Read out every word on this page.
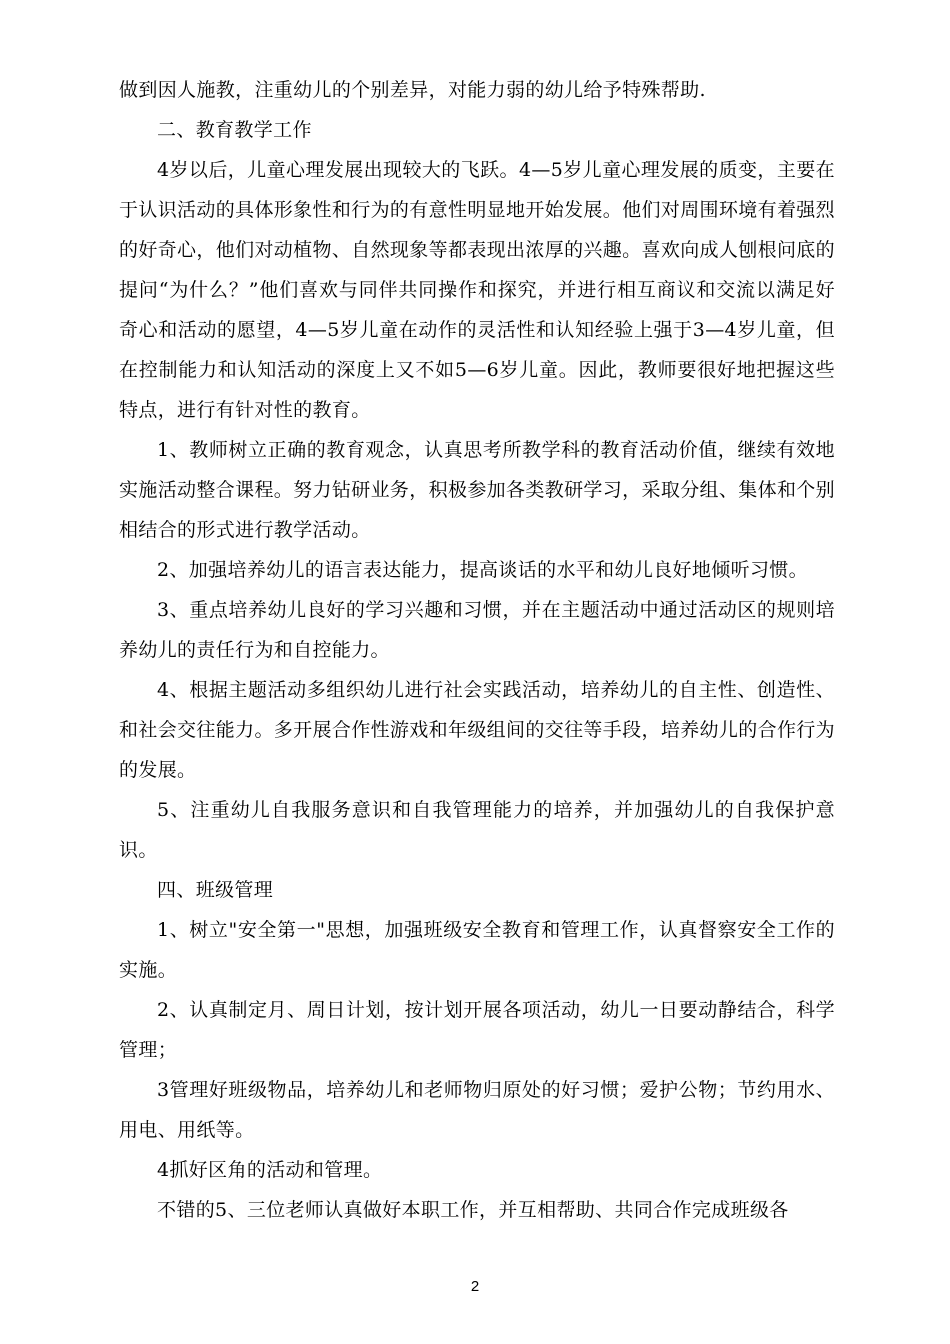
做到因人施教，注重幼儿的个别差异，对能力弱的幼儿给予特殊帮助.

二、教育教学工作

4岁以后，儿童心理发展出现较大的飞跃。4—5岁儿童心理发展的质变，主要在于认识活动的具体形象性和行为的有意性明显地开始发展。他们对周围环境有着强烈的好奇心，他们对动植物、自然现象等都表现出浓厚的兴趣。喜欢向成人刨根问底的提问“为什么？”他们喜欢与同伴共同操作和探究，并进行相互商议和交流以满足好奇心和活动的愿望，4—5岁儿童在动作的灵活性和认知经验上强于3—4岁儿童，但在控制能力和认知活动的深度上又不如5—6岁儿童。因此，教师要很好地把握这些特点，进行有针对性的教育。

1、教师树立正确的教育观念，认真思考所教学科的教育活动价值，继续有效地实施活动整合课程。努力钻研业务，积极参加各类教研学习，采取分组、集体和个别相结合的形式进行教学活动。

2、加强培养幼儿的语言表达能力，提高谈话的水平和幼儿良好地倾听习惯。

3、重点培养幼儿良好的学习兴趣和习惯，并在主题活动中通过活动区的规则培养幼儿的责任行为和自控能力。

4、根据主题活动多组织幼儿进行社会实践活动，培养幼儿的自主性、创造性、和社会交往能力。多开展合作性游戏和年级组间的交往等手段，培养幼儿的合作行为的发展。

5、注重幼儿自我服务意识和自我管理能力的培养，并加强幼儿的自我保护意识。

四、班级管理

1、树立"安全第一"思想，加强班级安全教育和管理工作，认真督察安全工作的实施。

2、认真制定月、周日计划，按计划开展各项活动，幼儿一日要动静结合，科学管理；

3管理好班级物品，培养幼儿和老师物归原处的好习惯；爱护公物；节约用水、用电、用纸等。

4抓好区角的活动和管理。

不错的5、三位老师认真做好本职工作，并互相帮助、共同合作完成班级各

2
